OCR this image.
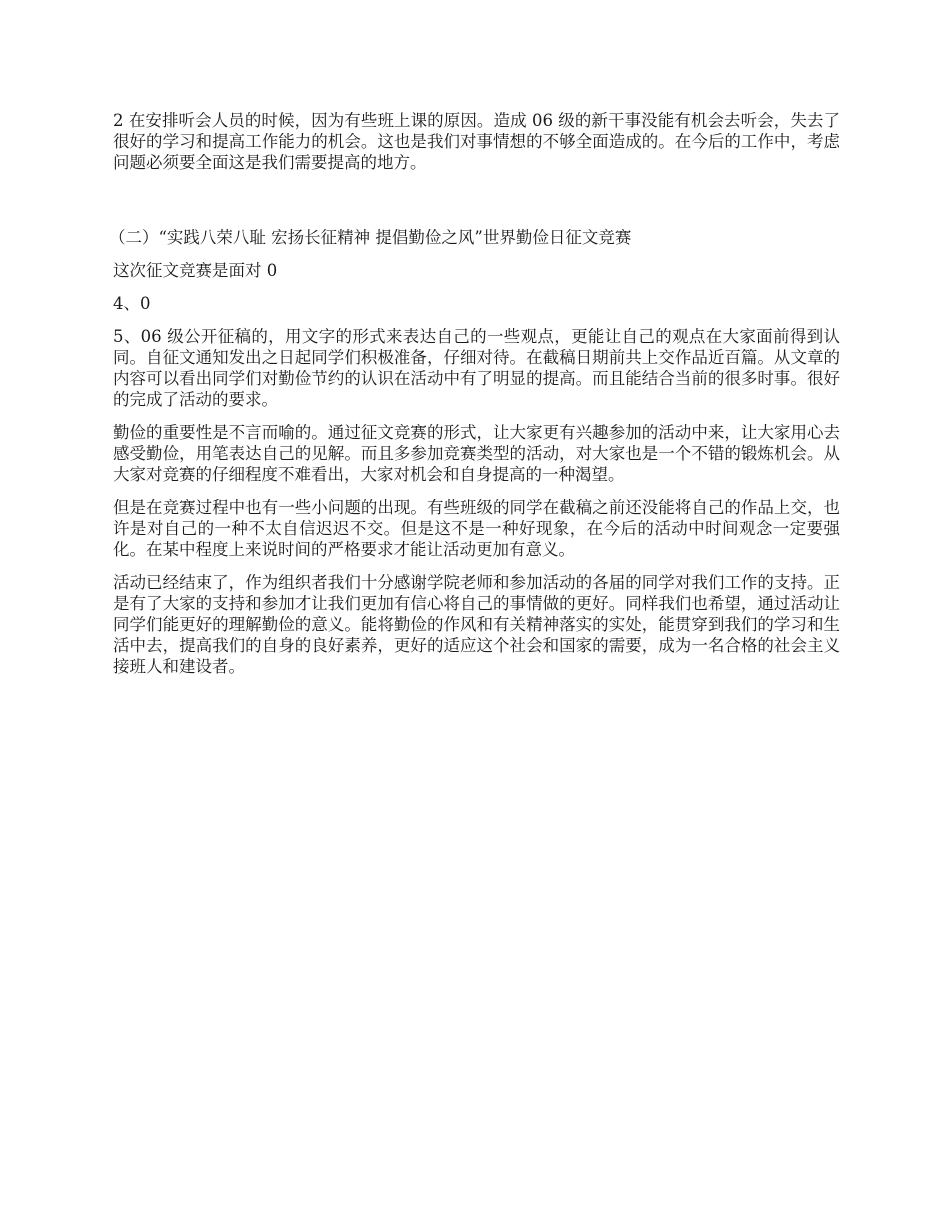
2 在安排听会人员的时候，因为有些班上课的原因。造成 06 级的新干事没能有机会去听会，失去了很好的学习和提高工作能力的机会。这也是我们对事情想的不够全面造成的。在今后的工作中，考虑问题必须要全面这是我们需要提高的地方。

（二）“实践八荣八耻 宏扬长征精神 提倡勤俭之风”世界勤俭日征文竞赛

这次征文竞赛是面对 0

4、0

5、06 级公开征稿的，用文字的形式来表达自己的一些观点，更能让自己的观点在大家面前得到认同。自征文通知发出之日起同学们积极准备，仔细对待。在截稿日期前共上交作品近百篇。从文章的内容可以看出同学们对勤俭节约的认识在活动中有了明显的提高。而且能结合当前的很多时事。很好的完成了活动的要求。

勤俭的重要性是不言而喻的。通过征文竞赛的形式，让大家更有兴趣参加的活动中来，让大家用心去感受勤俭，用笔表达自己的见解。而且多参加竞赛类型的活动，对大家也是一个不错的锻炼机会。从大家对竞赛的仔细程度不难看出，大家对机会和自身提高的一种渴望。

但是在竞赛过程中也有一些小问题的出现。有些班级的同学在截稿之前还没能将自己的作品上交，也许是对自己的一种不太自信迟迟不交。但是这不是一种好现象，在今后的活动中时间观念一定要强化。在某中程度上来说时间的严格要求才能让活动更加有意义。

活动已经结束了，作为组织者我们十分感谢学院老师和参加活动的各届的同学对我们工作的支持。正是有了大家的支持和参加才让我们更加有信心将自己的事情做的更好。同样我们也希望，通过活动让同学们能更好的理解勤俭的意义。能将勤俭的作风和有关精神落实的实处，能贯穿到我们的学习和生活中去，提高我们的自身的良好素养，更好的适应这个社会和国家的需要，成为一名合格的社会主义接班人和建设者。
